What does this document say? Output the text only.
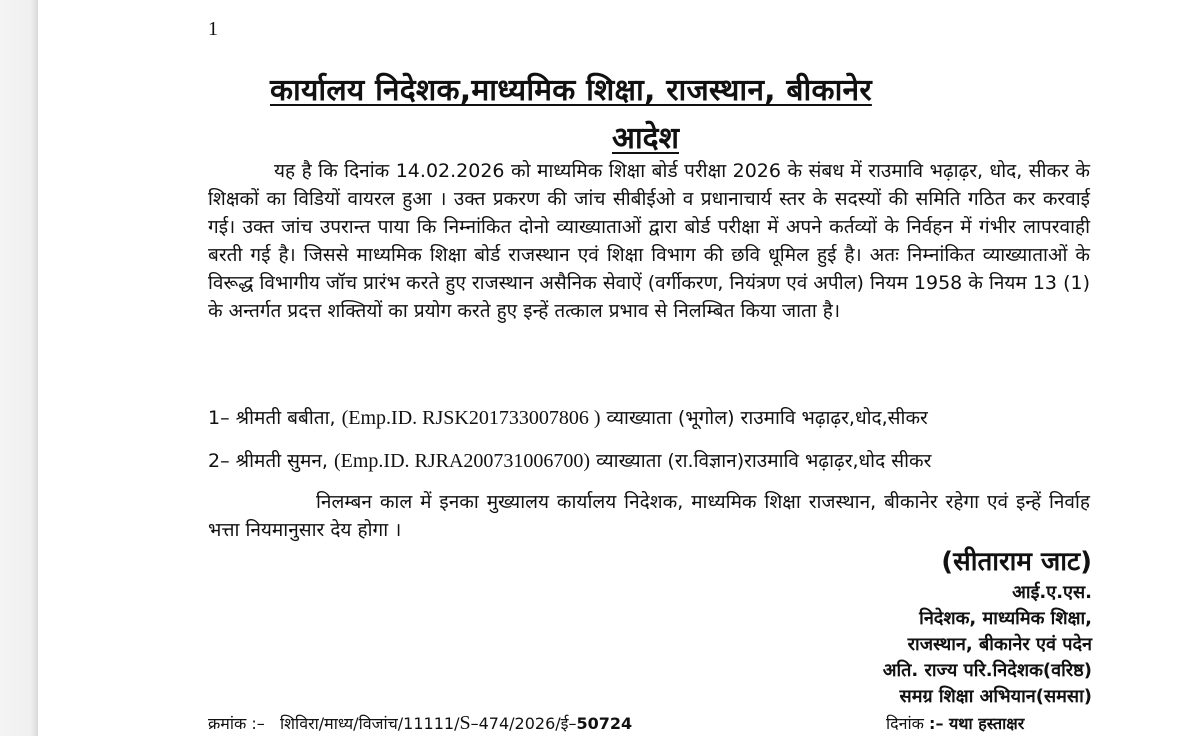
1
कार्यालय निदेशक,माध्यमिक शिक्षा, राजस्थान, बीकानेर
आदेश
यह है कि दिनांक 14.02.2026 को माध्यमिक शिक्षा बोर्ड परीक्षा 2026 के संबध में राउमावि भढ़ाढ़र, धोद, सीकर के शिक्षकों का विडियों वायरल हुआ । उक्त प्रकरण की जांच सीबीईओ व प्रधानाचार्य स्तर के सदस्यों की समिति गठित कर करवाई गई। उक्त जांच उपरान्त पाया कि निम्नांकित दोनो व्याख्याताओं द्वारा बोर्ड परीक्षा में अपने कर्तव्यों के निर्वहन में गंभीर लापरवाही बरती गई है। जिससे माध्यमिक शिक्षा बोर्ड राजस्थान एवं शिक्षा विभाग की छवि धूमिल हुई है। अतः निम्नांकित व्याख्याताओं के विरूद्ध विभागीय जॉच प्रारंभ करते हुए राजस्थान असैनिक सेवाऐं (वर्गीकरण, नियंत्रण एवं अपील) नियम 1958 के नियम 13 (1) के अन्तर्गत प्रदत्त शक्तियों का प्रयोग करते हुए इन्हें तत्काल प्रभाव से निलम्बित किया जाता है।
1– श्रीमती बबीता, (Emp.ID. RJSK201733007806 ) व्याख्याता (भूगोल) राउमावि भढ़ाढ़र,धोद,सीकर
2– श्रीमती सुमन, (Emp.ID. RJRA200731006700) व्याख्याता (रा.विज्ञान)राउमावि भढ़ाढ़र,धोद सीकर
निलम्बन काल में इनका मुख्यालय कार्यालय निदेशक, माध्यमिक शिक्षा राजस्थान, बीकानेर रहेगा एवं इन्हें निर्वाह भत्ता नियमानुसार देय होगा ।
(सीताराम जाट)
आई.ए.एस.
निदेशक, माध्यमिक शिक्षा,
राजस्थान, बीकानेर एवं पदेन
अति. राज्य परि.निदेशक(वरिष्ठ)
समग्र शिक्षा अभियान(समसा)
क्रमांक :– शिविरा/माध्य/विजांच/11111/S–474/2026/ई–50724	दिनांक :– यथा हस्ताक्षर
